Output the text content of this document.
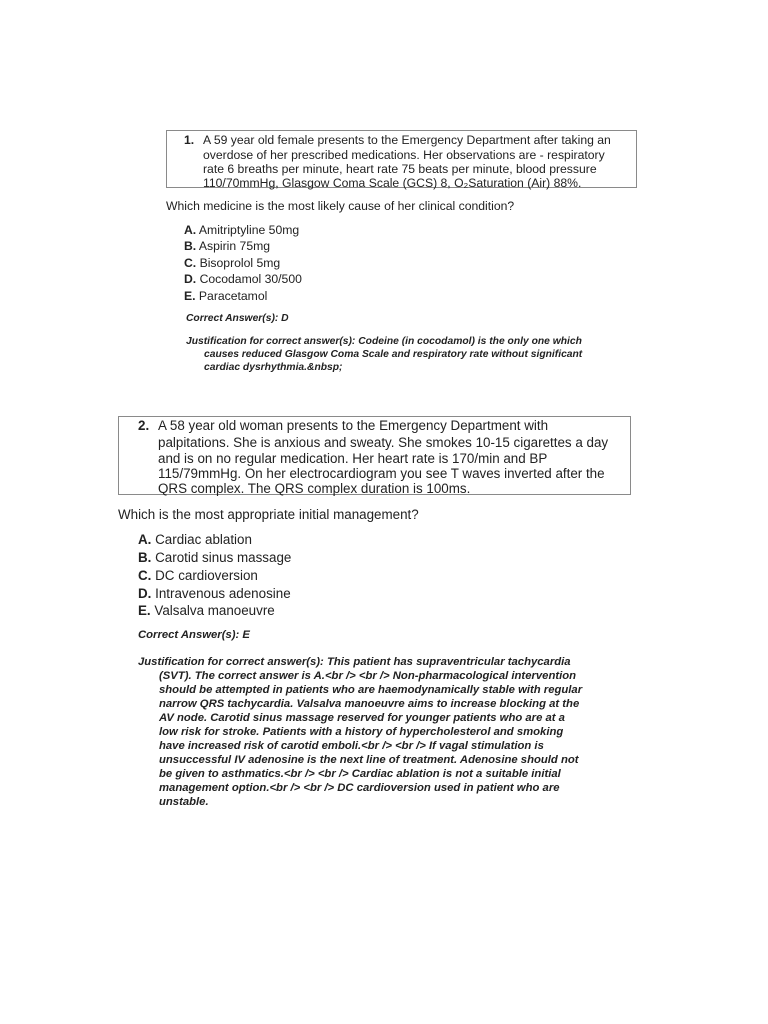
1. A 59 year old female presents to the Emergency Department after taking an
overdose of her prescribed medications. Her observations are - respiratory
rate 6 breaths per minute, heart rate 75 beats per minute, blood pressure
110/70mmHg, Glasgow Coma Scale (GCS) 8, O₂Saturation (Air) 88%.
Which medicine is the most likely cause of her clinical condition?
A. Amitriptyline 50mg
B. Aspirin 75mg
C. Bisoprolol 5mg
D. Cocodamol 30/500
E. Paracetamol
Correct Answer(s): D
Justification for correct answer(s): Codeine (in cocodamol) is the only one which
causes reduced Glasgow Coma Scale and respiratory rate without significant
cardiac dysrhythmia.&nbsp;
2. A 58 year old woman presents to the Emergency Department with
palpitations. She is anxious and sweaty. She smokes 10-15 cigarettes a day
and is on no regular medication. Her heart rate is 170/min and BP
115/79mmHg. On her electrocardiogram you see T waves inverted after the
QRS complex. The QRS complex duration is 100ms.
Which is the most appropriate initial management?
A. Cardiac ablation
B. Carotid sinus massage
C. DC cardioversion
D. Intravenous adenosine
E. Valsalva manoeuvre
Correct Answer(s): E
Justification for correct answer(s): This patient has supraventricular tachycardia
(SVT). The correct answer is A.<br /> <br /> Non-pharmacological intervention
should be attempted in patients who are haemodynamically stable with regular
narrow QRS tachycardia. Valsalva manoeuvre aims to increase blocking at the
AV node. Carotid sinus massage reserved for younger patients who are at a
low risk for stroke. Patients with a history of hypercholesterol and smoking
have increased risk of carotid emboli.<br /> <br /> If vagal stimulation is
unsuccessful IV adenosine is the next line of treatment. Adenosine should not
be given to asthmatics.<br /> <br /> Cardiac ablation is not a suitable initial
management option.<br /> <br /> DC cardioversion used in patient who are
unstable.
